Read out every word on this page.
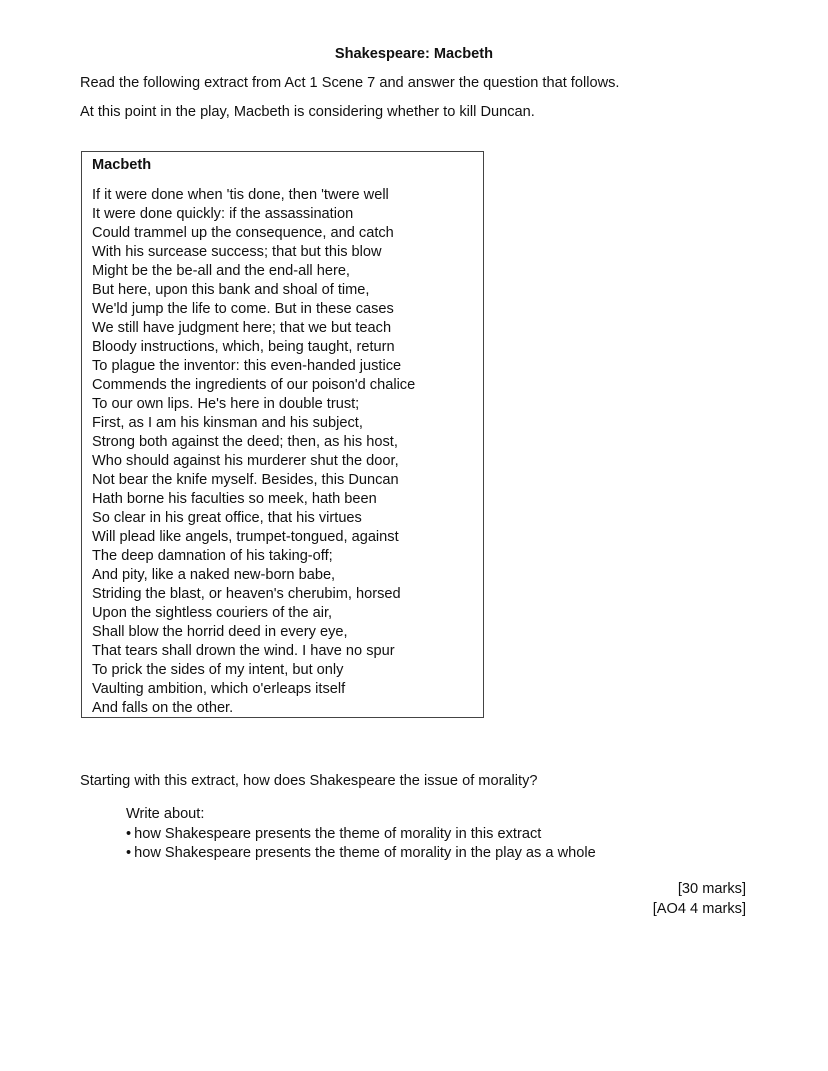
Shakespeare: Macbeth

Read the following extract from Act 1 Scene 7 and answer the question that follows.

At this point in the play, Macbeth is considering whether to kill Duncan.

Macbeth

If it were done when 'tis done, then 'twere well
It were done quickly: if the assassination
Could trammel up the consequence, and catch
With his surcease success; that but this blow
Might be the be-all and the end-all here,
But here, upon this bank and shoal of time,
We'ld jump the life to come. But in these cases
We still have judgment here; that we but teach
Bloody instructions, which, being taught, return
To plague the inventor: this even-handed justice
Commends the ingredients of our poison'd chalice
To our own lips. He's here in double trust;
First, as I am his kinsman and his subject,
Strong both against the deed; then, as his host,
Who should against his murderer shut the door,
Not bear the knife myself. Besides, this Duncan
Hath borne his faculties so meek, hath been
So clear in his great office, that his virtues
Will plead like angels, trumpet-tongued, against
The deep damnation of his taking-off;
And pity, like a naked new-born babe,
Striding the blast, or heaven's cherubim, horsed
Upon the sightless couriers of the air,
Shall blow the horrid deed in every eye,
That tears shall drown the wind. I have no spur
To prick the sides of my intent, but only
Vaulting ambition, which o'erleaps itself
And falls on the other.

Starting with this extract, how does Shakespeare the issue of morality?

Write about:

• how Shakespeare presents the theme of morality in this extract
• how Shakespeare presents the theme of morality in the play as a whole

[30 marks]

[AO4 4 marks]
